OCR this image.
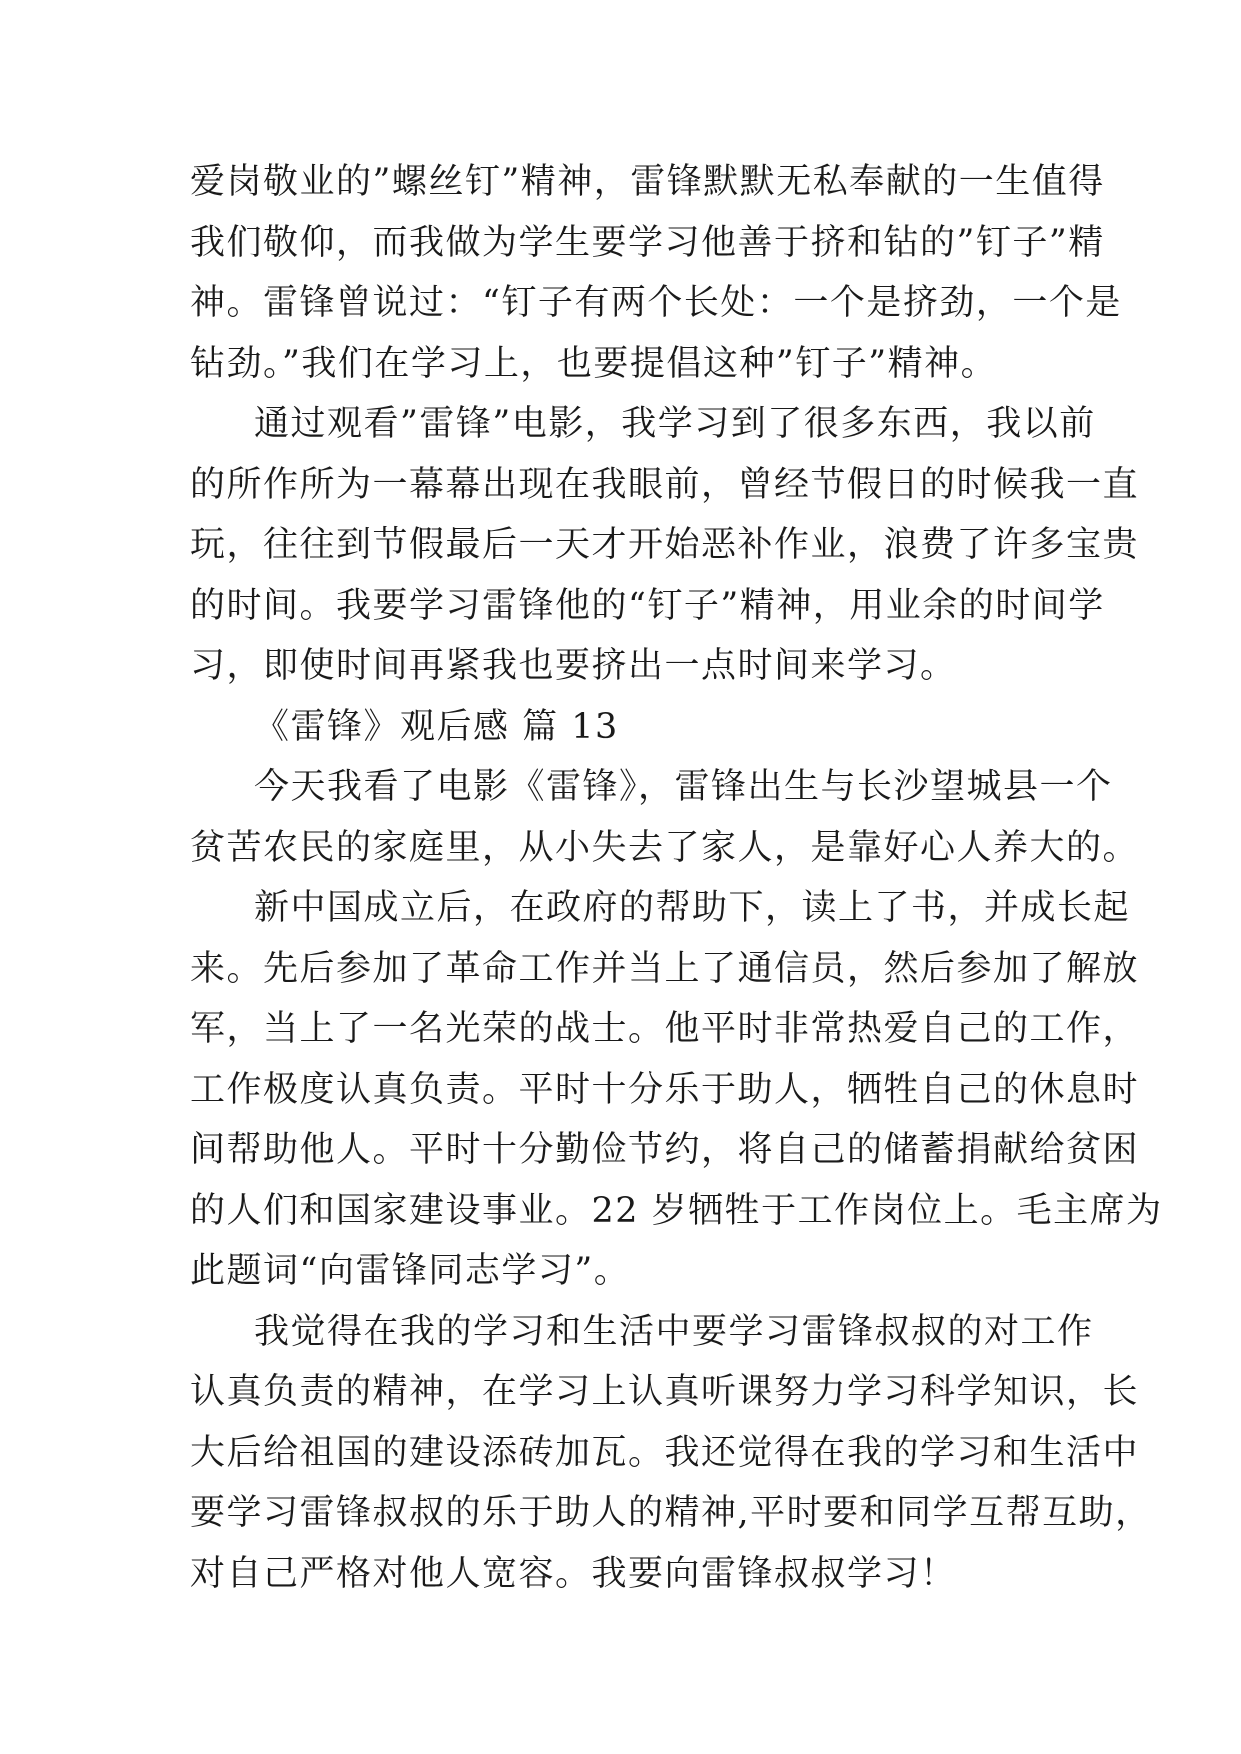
爱岗敬业的”螺丝钉”精神，雷锋默默无私奉献的一生值得
我们敬仰，而我做为学生要学习他善于挤和钻的”钉子”精
神。雷锋曾说过：“钉子有两个长处：一个是挤劲，一个是
钻劲。”我们在学习上，也要提倡这种”钉子”精神。
通过观看”雷锋”电影，我学习到了很多东西，我以前
的所作所为一幕幕出现在我眼前，曾经节假日的时候我一直
玩，往往到节假最后一天才开始恶补作业，浪费了许多宝贵
的时间。我要学习雷锋他的“钉子”精神，用业余的时间学
习，即使时间再紧我也要挤出一点时间来学习。
《雷锋》观后感 篇 13
今天我看了电影《雷锋》，雷锋出生与长沙望城县一个
贫苦农民的家庭里，从小失去了家人，是靠好心人养大的。
新中国成立后，在政府的帮助下，读上了书，并成长起
来。先后参加了革命工作并当上了通信员，然后参加了解放
军，当上了一名光荣的战士。他平时非常热爱自己的工作，
工作极度认真负责。平时十分乐于助人，牺牲自己的休息时
间帮助他人。平时十分勤俭节约，将自己的储蓄捐献给贫困
的人们和国家建设事业。22 岁牺牲于工作岗位上。毛主席为
此题词“向雷锋同志学习”。
我觉得在我的学习和生活中要学习雷锋叔叔的对工作
认真负责的精神，在学习上认真听课努力学习科学知识，长
大后给祖国的建设添砖加瓦。我还觉得在我的学习和生活中
要学习雷锋叔叔的乐于助人的精神,平时要和同学互帮互助，
对自己严格对他人宽容。我要向雷锋叔叔学习！
